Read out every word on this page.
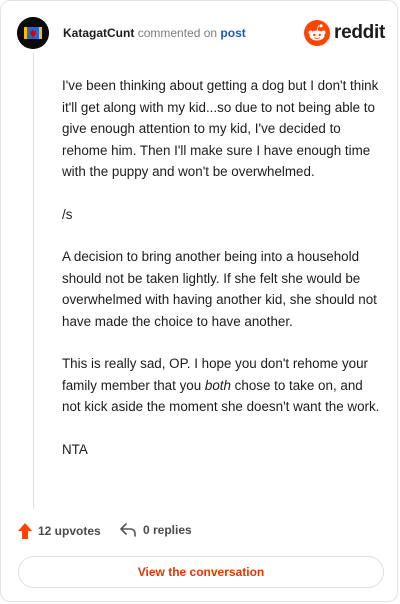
KatagatCunt commented on post	reddit

I've been thinking about getting a dog but I don't think it'll get along with my kid...so due to not being able to give enough attention to my kid, I've decided to rehome him. Then I'll make sure I have enough time with the puppy and won't be overwhelmed.

/s

A decision to bring another being into a household should not be taken lightly. If she felt she would be overwhelmed with having another kid, she should not have made the choice to have another.

This is really sad, OP. I hope you don't rehome your family member that you both chose to take on, and not kick aside the moment she doesn't want the work.

NTA

12 upvotes	0 replies
View the conversation
